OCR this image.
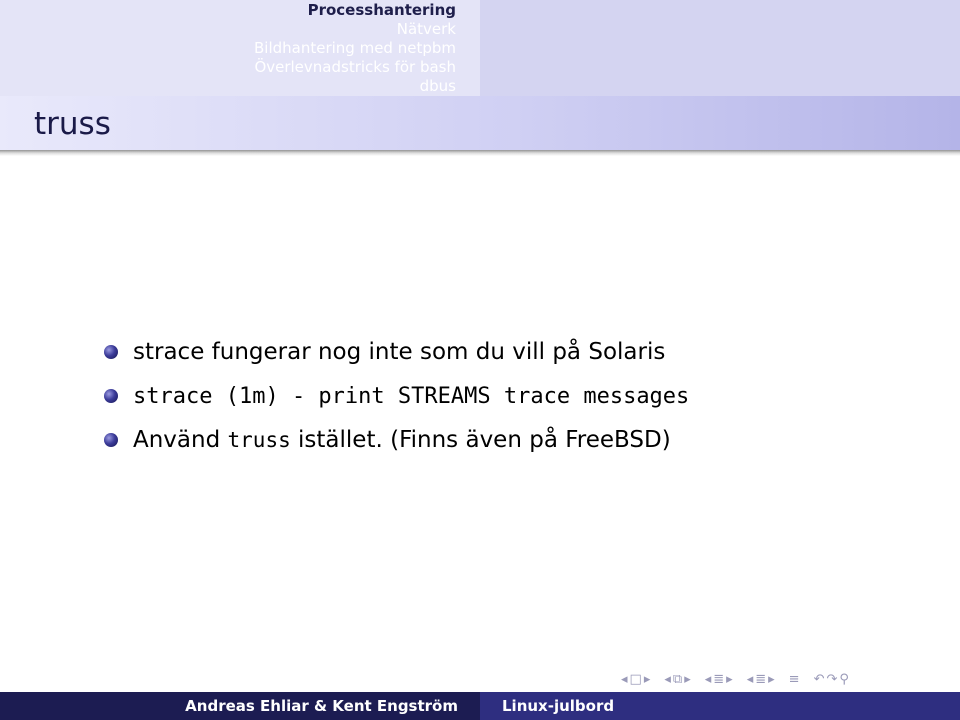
Processhantering
Nätverk
Bildhantering med netpbm
Överlevnadstricks för bash
dbus
truss
strace fungerar nog inte som du vill på Solaris
strace (1m) - print STREAMS trace messages
Använd truss istället. (Finns även på FreeBSD)
◂ □ ▸ ◂ ⧉ ▸ ◂ ≣ ▸ ◂ ≣ ▸ ≡ ↶ ↷ ⚲
Andreas Ehliar & Kent Engström	Linux-julbord
